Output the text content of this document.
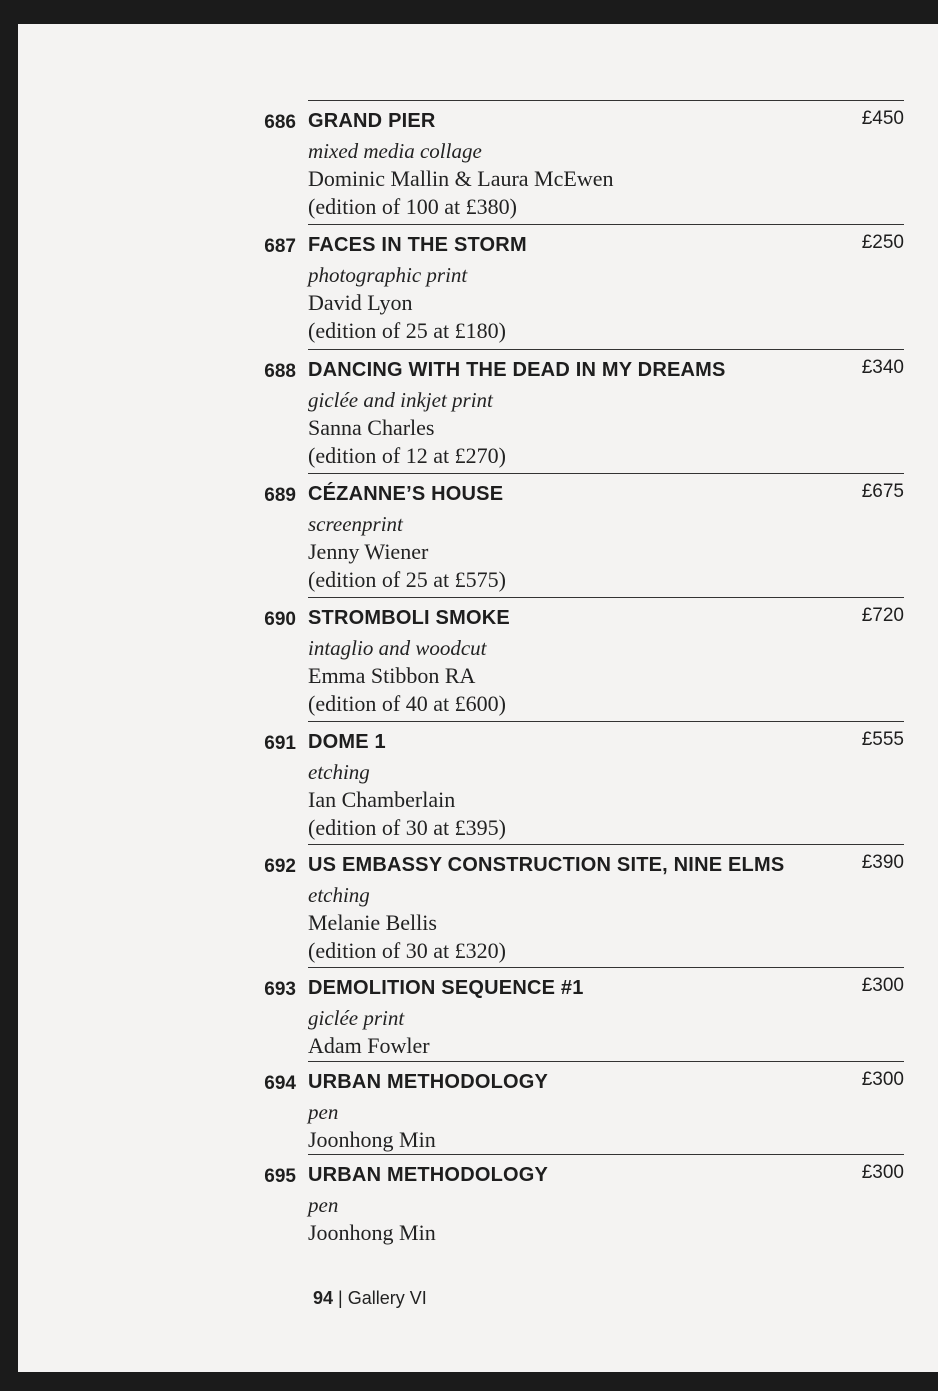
686 GRAND PIER	£450
mixed media collage
Dominic Mallin & Laura McEwen
(edition of 100 at £380)
687 FACES IN THE STORM	£250
photographic print
David Lyon
(edition of 25 at £180)
688 DANCING WITH THE DEAD IN MY DREAMS	£340
giclée and inkjet print
Sanna Charles
(edition of 12 at £270)
689 CÉZANNE’S HOUSE	£675
screenprint
Jenny Wiener
(edition of 25 at £575)
690 STROMBOLI SMOKE	£720
intaglio and woodcut
Emma Stibbon RA
(edition of 40 at £600)
691 DOME 1	£555
etching
Ian Chamberlain
(edition of 30 at £395)
692 US EMBASSY CONSTRUCTION SITE, NINE ELMS	£390
etching
Melanie Bellis
(edition of 30 at £320)
693 DEMOLITION SEQUENCE #1	£300
giclée print
Adam Fowler
694 URBAN METHODOLOGY	£300
pen
Joonhong Min
695 URBAN METHODOLOGY	£300
pen
Joonhong Min
94 | Gallery VI
